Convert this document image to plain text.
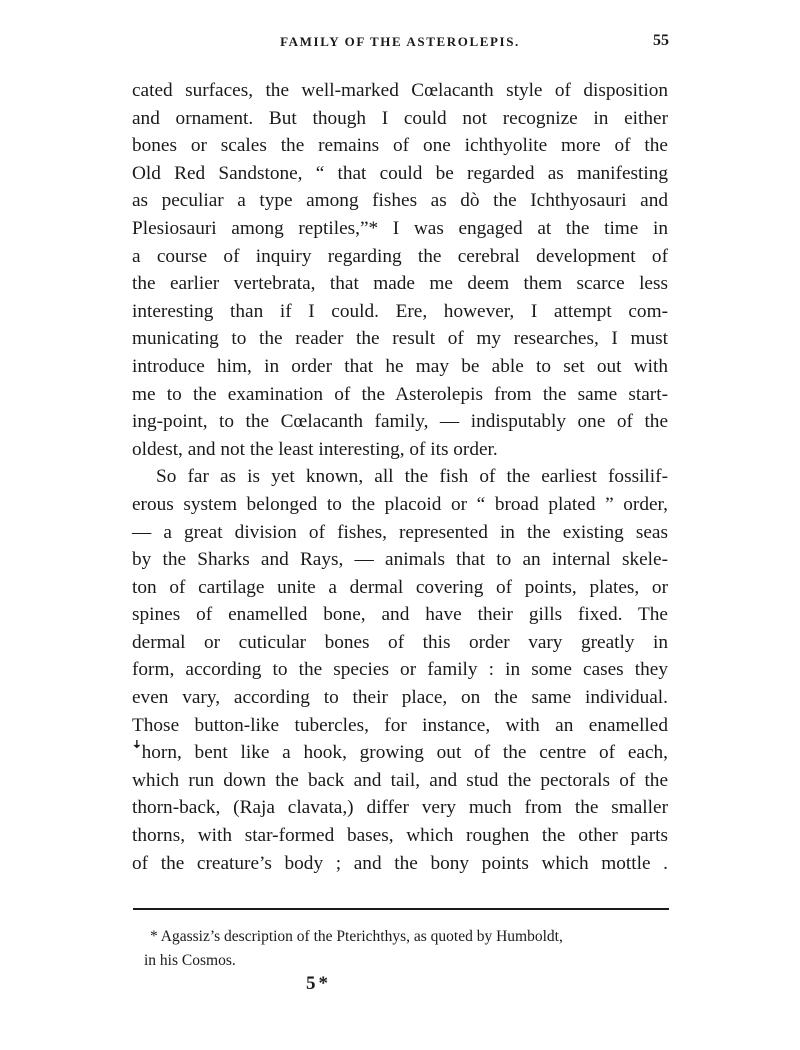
FAMILY OF THE ASTEROLEPIS.	55
cated surfaces, the well-marked Cœlacanth style of disposition
and ornament. But though I could not recognize in either
bones or scales the remains of one ichthyolite more of the
Old Red Sandstone, “ that could be regarded as manifesting
as peculiar a type among fishes as dò the Ichthyosauri and
Plesiosauri among reptiles,”* I was engaged at the time in
a course of inquiry regarding the cerebral development of
the earlier vertebrata, that made me deem them scarce less
interesting than if I could. Ere, however, I attempt com-
municating to the reader the result of my researches, I must
introduce him, in order that he may be able to set out with
me to the examination of the Asterolepis from the same start-
ing-point, to the Cœlacanth family, — indisputably one of the
oldest, and not the least interesting, of its order.
So far as is yet known, all the fish of the earliest fossilif-
erous system belonged to the placoid or “ broad plated ” order,
— a great division of fishes, represented in the existing seas
by the Sharks and Rays, — animals that to an internal skele-
ton of cartilage unite a dermal covering of points, plates, or
spines of enamelled bone, and have their gills fixed. The
dermal or cuticular bones of this order vary greatly in
form, according to the species or family : in some cases they
even vary, according to their place, on the same individual.
Those button-like tubercles, for instance, with an enamelled
ꜜhorn, bent like a hook, growing out of the centre of each,
which run down the back and tail, and stud the pectorals of the
thorn-back, (Raja clavata,) differ very much from the smaller
thorns, with star-formed bases, which roughen the other parts
of the creature’s body ; and the bony points which mottle .
* Agassiz’s description of the Pterichthys, as quoted by Humboldt,
in his Cosmos.
5*
